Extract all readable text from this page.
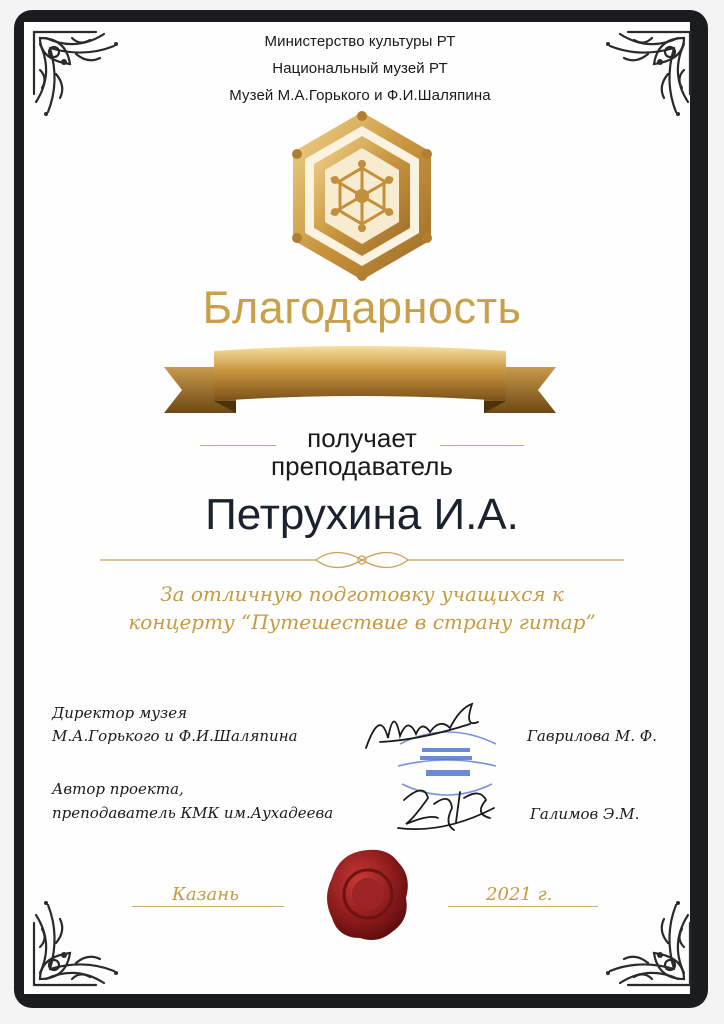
Министерство культуры РТ
Национальный музей РТ
Музей М.А.Горького и Ф.И.Шаляпина
Благодарность
получает
преподаватель
Петрухина И.А.
За отличную подготовку учащихся к
концерту “Путешествие в страну гитар”
Директор музея
М.А.Горького и Ф.И.Шаляпина	Гаврилова М. Ф.
Автор проекта,
преподаватель КМК им.Аухадеева	Галимов Э.М.
Казань	2021 г.
